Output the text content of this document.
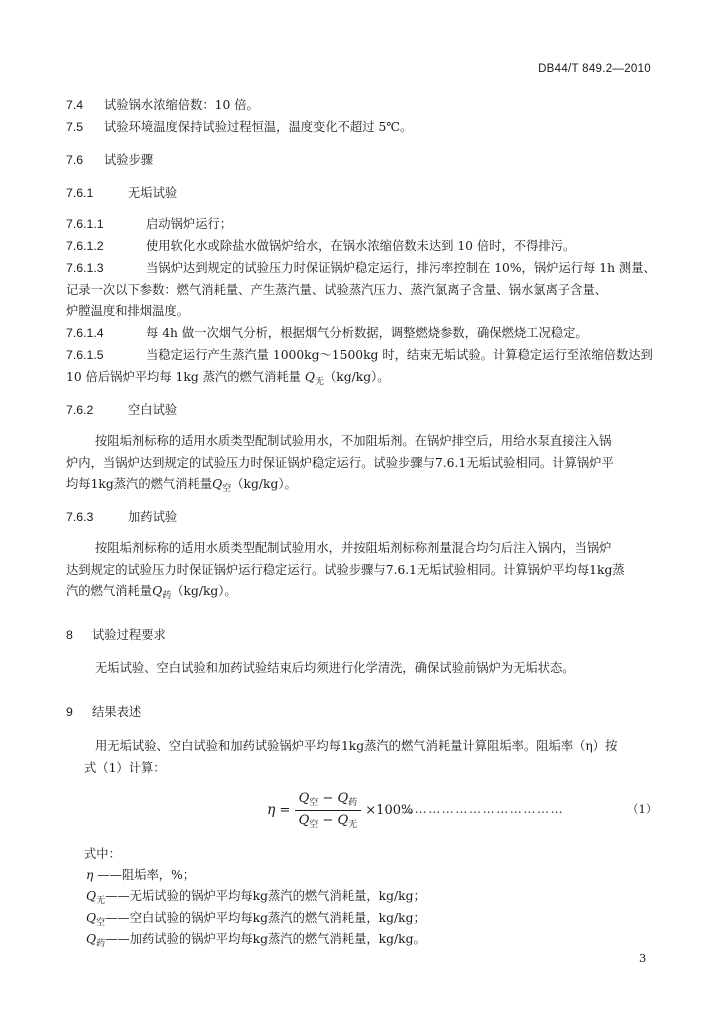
DB44/T 849.2—2010
7.4 试验锅水浓缩倍数：10 倍。
7.5 试验环境温度保持试验过程恒温，温度变化不超过 5℃。
7.6 试验步骤
7.6.1	无垢试验
7.6.1.1	启动锅炉运行；
7.6.1.2	使用软化水或除盐水做锅炉给水，在锅水浓缩倍数未达到 10 倍时，不得排污。
7.6.1.3	当锅炉达到规定的试验压力时保证锅炉稳定运行，排污率控制在 10%，锅炉运行每 1h 测量、
记录一次以下参数：燃气消耗量、产生蒸汽量、试验蒸汽压力、蒸汽氯离子含量、锅水氯离子含量、
炉膛温度和排烟温度。
7.6.1.4	每 4h 做一次烟气分析，根据烟气分析数据，调整燃烧参数，确保燃烧工况稳定。
7.6.1.5	当稳定运行产生蒸汽量 1000kg～1500kg 时，结束无垢试验。计算稳定运行至浓缩倍数达到
10 倍后锅炉平均每 1kg 蒸汽的燃气消耗量 $Q_无(kg/kg)$。
7.6.2	空白试验
按阻垢剂标称的适用水质类型配制试验用水，不加阻垢剂。在锅炉排空后，用给水泵直接注入锅
炉内，当锅炉达到规定的试验压力时保证锅炉稳定运行。试验步骤与7.6.1无垢试验相同。计算锅炉平
均每1kg蒸汽的燃气消耗量$Q_空(kg/kg)$。
7.6.3	加药试验
按阻垢剂标称的适用水质类型配制试验用水，并按阻垢剂标称剂量混合均匀后注入锅内，当锅炉
达到规定的试验压力时保证锅炉运行稳定运行。试验步骤与7.6.1无垢试验相同。计算锅炉平均每1kg蒸
汽的燃气消耗量$Q_药(kg/kg)$。
8 试验过程要求
无垢试验、空白试验和加药试验结束后均须进行化学清洗，确保试验前锅炉为无垢状态。
9 结果表述
用无垢试验、空白试验和加药试验锅炉平均每1kg蒸汽的燃气消耗量计算阻垢率。阻垢率（η）按
式（1）计算：
$\eta = \frac{Q_空 - Q_药}{Q_空 - Q_无} \times 100\%$
………………………………	（1）
式中：
η ——阻垢率，%；
$Q_无——$无垢试验的锅炉平均每kg蒸汽的燃气消耗量，kg/kg；
$Q_空——$空白试验的锅炉平均每kg蒸汽的燃气消耗量，kg/kg；
$Q_药——$加药试验的锅炉平均每kg蒸汽的燃气消耗量，kg/kg。
3
